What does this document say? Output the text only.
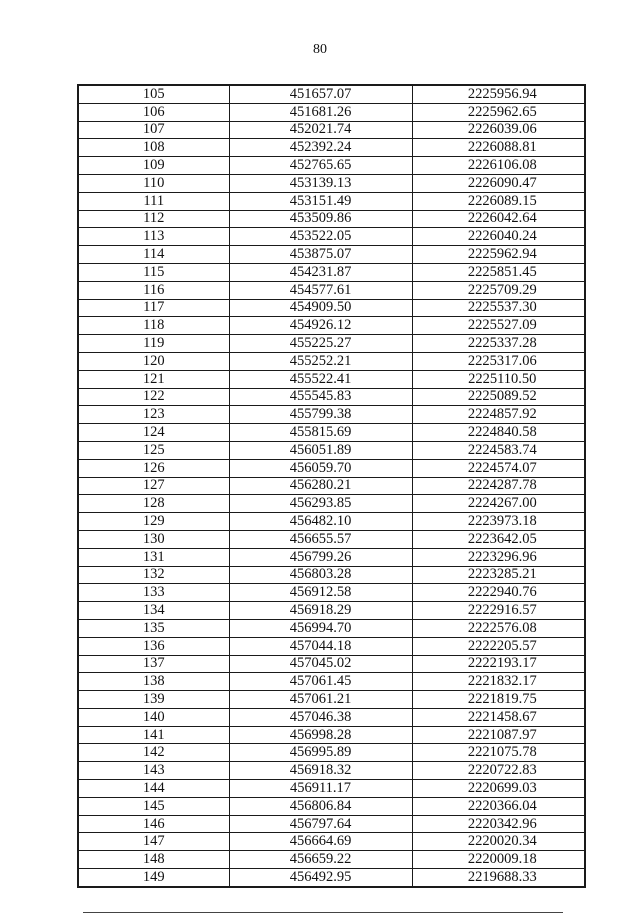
80
105	451657.07	2225956.94
106	451681.26	2225962.65
107	452021.74	2226039.06
108	452392.24	2226088.81
109	452765.65	2226106.08
110	453139.13	2226090.47
111	453151.49	2226089.15
112	453509.86	2226042.64
113	453522.05	2226040.24
114	453875.07	2225962.94
115	454231.87	2225851.45
116	454577.61	2225709.29
117	454909.50	2225537.30
118	454926.12	2225527.09
119	455225.27	2225337.28
120	455252.21	2225317.06
121	455522.41	2225110.50
122	455545.83	2225089.52
123	455799.38	2224857.92
124	455815.69	2224840.58
125	456051.89	2224583.74
126	456059.70	2224574.07
127	456280.21	2224287.78
128	456293.85	2224267.00
129	456482.10	2223973.18
130	456655.57	2223642.05
131	456799.26	2223296.96
132	456803.28	2223285.21
133	456912.58	2222940.76
134	456918.29	2222916.57
135	456994.70	2222576.08
136	457044.18	2222205.57
137	457045.02	2222193.17
138	457061.45	2221832.17
139	457061.21	2221819.75
140	457046.38	2221458.67
141	456998.28	2221087.97
142	456995.89	2221075.78
143	456918.32	2220722.83
144	456911.17	2220699.03
145	456806.84	2220366.04
146	456797.64	2220342.96
147	456664.69	2220020.34
148	456659.22	2220009.18
149	456492.95	2219688.33
